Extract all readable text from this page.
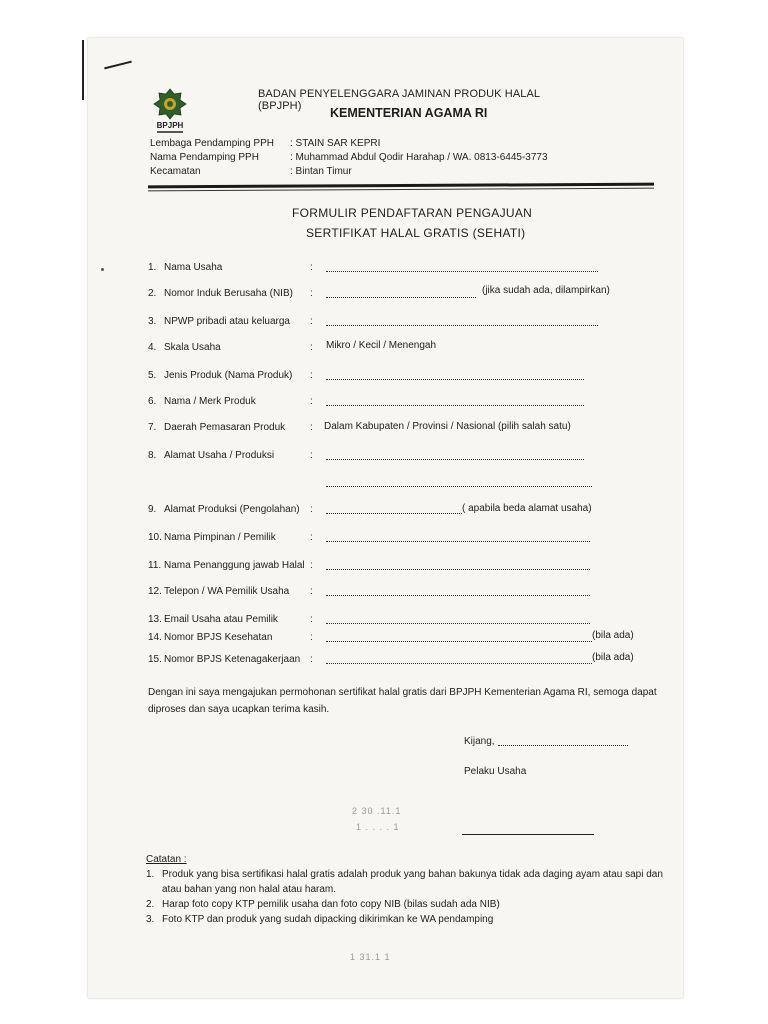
BPJPH
BADAN PENYELENGGARA JAMINAN PRODUK HALAL (BPJPH)	KEMENTERIAN AGAMA RI
Lembaga Pendamping PPH : STAIN SAR KEPRI
Nama Pendamping PPH	: Muhammad Abdul Qodir Harahap / WA. 0813-6445-3773
Kecamatan	: Bintan Timur
FORMULIR PENDAFTARAN PENGAJUAN
SERTIFIKAT HALAL GRATIS (SEHATI)
1. Nama Usaha	:
2. Nomor Induk Berusaha (NIB) :	(jika sudah ada, dilampirkan)
3. NPWP pribadi atau keluarga :
4. Skala Usaha	: Mikro / Kecil / Menengah
5. Jenis Produk (Nama Produk) :
6. Nama / Merk Produk	:
7. Daerah Pemasaran Produk : Dalam Kabupaten / Provinsi / Nasional (pilih salah satu)
8. Alamat Usaha / Produksi	:
9. Alamat Produksi (Pengolahan) :	( apabila beda alamat usaha)
10. Nama Pimpinan / Pemilik	:
11. Nama Penanggung jawab Halal :
12. Telepon / WA Pemilik Usaha :
13. Email Usaha atau Pemilik	:
14. Nomor BPJS Kesehatan	:	(bila ada)
15. Nomor BPJS Ketenagakerjaan :	(bila ada)
Dengan ini saya mengajukan permohonan sertifikat halal gratis dari BPJPH Kementerian Agama RI, semoga dapat diproses dan saya ucapkan terima kasih.
Kijang,
Pelaku Usaha
2 30 .11.1
1 . . . . 1
Catatan :
1. Produk yang bisa sertifikasi halal gratis adalah produk yang bahan bakunya tidak ada daging ayam atau sapi dan atau bahan yang non halal atau haram.
2. Harap foto copy KTP pemilik usaha dan foto copy NIB (bilas sudah ada NIB)
3. Foto KTP dan produk yang sudah dipacking dikirimkan ke WA pendamping
1 31.1 1
